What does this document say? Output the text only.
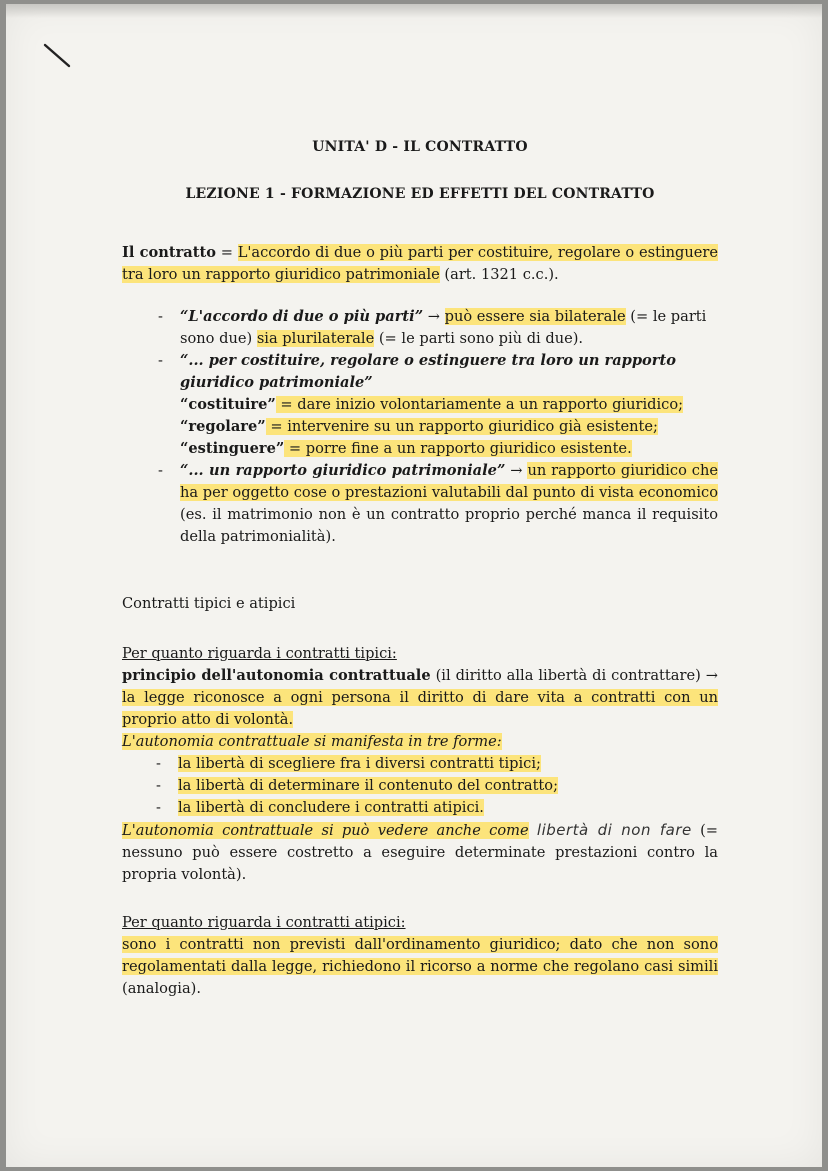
UNITA' D - IL CONTRATTO
LEZIONE 1 - FORMAZIONE ED EFFETTI DEL CONTRATTO

Il contratto = L'accordo di due o più parti per costituire, regolare o estinguere tra loro un rapporto giuridico patrimoniale (art. 1321 c.c.).

- “L'accordo di due o più parti” → può essere sia bilaterale (= le parti sono due) sia plurilaterale (= le parti sono più di due).
- “... per costituire, regolare o estinguere tra loro un rapporto giuridico patrimoniale”
“costituire” = dare inizio volontariamente a un rapporto giuridico;
“regolare” = intervenire su un rapporto giuridico già esistente;
“estinguere” = porre fine a un rapporto giuridico esistente.
- “... un rapporto giuridico patrimoniale” → un rapporto giuridico che ha per oggetto cose o prestazioni valutabili dal punto di vista economico (es. il matrimonio non è un contratto proprio perché manca il requisito della patrimonialità).

Contratti tipici e atipici

Per quanto riguarda i contratti tipici:

principio dell'autonomia contrattuale (il diritto alla libertà di contrattare) → la legge riconosce a ogni persona il diritto di dare vita a contratti con un proprio atto di volontà.

L'autonomia contrattuale si manifesta in tre forme:

- la libertà di scegliere fra i diversi contratti tipici;
- la libertà di determinare il contenuto del contratto;
- la libertà di concludere i contratti atipici.

L'autonomia contrattuale si può vedere anche come libertà di non fare (= nessuno può essere costretto a eseguire determinate prestazioni contro la propria volontà).

Per quanto riguarda i contratti atipici:

sono i contratti non previsti dall'ordinamento giuridico; dato che non sono regolamentati dalla legge, richiedono il ricorso a norme che regolano casi simili (analogia).
